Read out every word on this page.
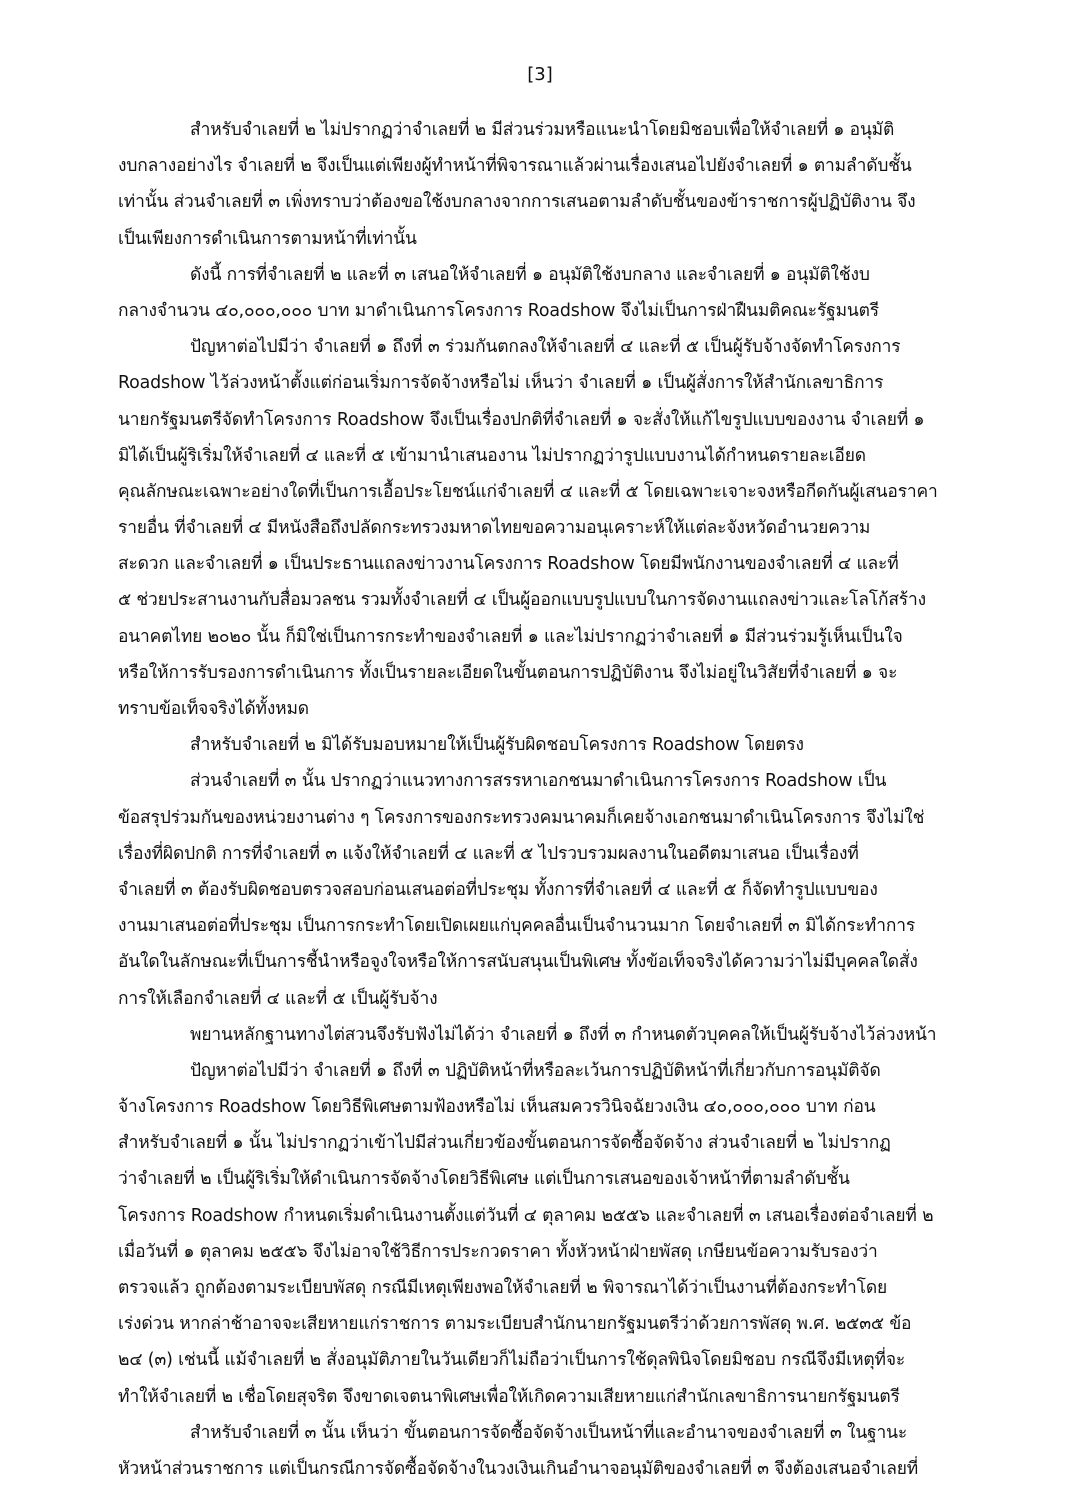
[3]
สำหรับจำเลยที่ ๒ ไม่ปรากฏว่าจำเลยที่ ๒ มีส่วนร่วมหรือแนะนำโดยมิชอบเพื่อให้จำเลยที่ ๑ อนุมัติ
งบกลางอย่างไร จำเลยที่ ๒ จึงเป็นแต่เพียงผู้ทำหน้าที่พิจารณาแล้วผ่านเรื่องเสนอไปยังจำเลยที่ ๑ ตามลำดับชั้น
เท่านั้น ส่วนจำเลยที่ ๓ เพิ่งทราบว่าต้องขอใช้งบกลางจากการเสนอตามลำดับชั้นของข้าราชการผู้ปฏิบัติงาน จึง
เป็นเพียงการดำเนินการตามหน้าที่เท่านั้น
ดังนี้ การที่จำเลยที่ ๒ และที่ ๓ เสนอให้จำเลยที่ ๑ อนุมัติใช้งบกลาง และจำเลยที่ ๑ อนุมัติใช้งบ
กลางจำนวน ๔๐,๐๐๐,๐๐๐ บาท มาดำเนินการโครงการ Roadshow จึงไม่เป็นการฝ่าฝืนมติคณะรัฐมนตรี
ปัญหาต่อไปมีว่า จำเลยที่ ๑ ถึงที่ ๓ ร่วมกันตกลงให้จำเลยที่ ๔ และที่ ๕ เป็นผู้รับจ้างจัดทำโครงการ
Roadshow ไว้ล่วงหน้าตั้งแต่ก่อนเริ่มการจัดจ้างหรือไม่ เห็นว่า จำเลยที่ ๑ เป็นผู้สั่งการให้สำนักเลขาธิการ
นายกรัฐมนตรีจัดทำโครงการ Roadshow จึงเป็นเรื่องปกติที่จำเลยที่ ๑ จะสั่งให้แก้ไขรูปแบบของงาน จำเลยที่ ๑
มิได้เป็นผู้ริเริ่มให้จำเลยที่ ๔ และที่ ๕ เข้ามานำเสนองาน ไม่ปรากฏว่ารูปแบบงานได้กำหนดรายละเอียด
คุณลักษณะเฉพาะอย่างใดที่เป็นการเอื้อประโยชน์แก่จำเลยที่ ๔ และที่ ๕ โดยเฉพาะเจาะจงหรือกีดกันผู้เสนอราคา
รายอื่น ที่จำเลยที่ ๔ มีหนังสือถึงปลัดกระทรวงมหาดไทยขอความอนุเคราะห์ให้แต่ละจังหวัดอำนวยความ
สะดวก และจำเลยที่ ๑ เป็นประธานแถลงข่าวงานโครงการ Roadshow โดยมีพนักงานของจำเลยที่ ๔ และที่
๕ ช่วยประสานงานกับสื่อมวลชน รวมทั้งจำเลยที่ ๔ เป็นผู้ออกแบบรูปแบบในการจัดงานแถลงข่าวและโลโก้สร้าง
อนาคตไทย ๒๐๒๐ นั้น ก็มิใช่เป็นการกระทำของจำเลยที่ ๑ และไม่ปรากฏว่าจำเลยที่ ๑ มีส่วนร่วมรู้เห็นเป็นใจ
หรือให้การรับรองการดำเนินการ ทั้งเป็นรายละเอียดในขั้นตอนการปฏิบัติงาน จึงไม่อยู่ในวิสัยที่จำเลยที่ ๑ จะ
ทราบข้อเท็จจริงได้ทั้งหมด
สำหรับจำเลยที่ ๒ มิได้รับมอบหมายให้เป็นผู้รับผิดชอบโครงการ Roadshow โดยตรง
ส่วนจำเลยที่ ๓ นั้น ปรากฏว่าแนวทางการสรรหาเอกชนมาดำเนินการโครงการ Roadshow เป็น
ข้อสรุปร่วมกันของหน่วยงานต่าง ๆ โครงการของกระทรวงคมนาคมก็เคยจ้างเอกชนมาดำเนินโครงการ จึงไม่ใช่
เรื่องที่ผิดปกติ การที่จำเลยที่ ๓ แจ้งให้จำเลยที่ ๔ และที่ ๕ ไปรวบรวมผลงานในอดีตมาเสนอ เป็นเรื่องที่
จำเลยที่ ๓ ต้องรับผิดชอบตรวจสอบก่อนเสนอต่อที่ประชุม ทั้งการที่จำเลยที่ ๔ และที่ ๕ ก็จัดทำรูปแบบของ
งานมาเสนอต่อที่ประชุม เป็นการกระทำโดยเปิดเผยแก่บุคคลอื่นเป็นจำนวนมาก โดยจำเลยที่ ๓ มิได้กระทำการ
อันใดในลักษณะที่เป็นการชี้นำหรือจูงใจหรือให้การสนับสนุนเป็นพิเศษ ทั้งข้อเท็จจริงได้ความว่าไม่มีบุคคลใดสั่ง
การให้เลือกจำเลยที่ ๔ และที่ ๕ เป็นผู้รับจ้าง
พยานหลักฐานทางไต่สวนจึงรับฟังไม่ได้ว่า จำเลยที่ ๑ ถึงที่ ๓ กำหนดตัวบุคคลให้เป็นผู้รับจ้างไว้ล่วงหน้า
ปัญหาต่อไปมีว่า จำเลยที่ ๑ ถึงที่ ๓ ปฏิบัติหน้าที่หรือละเว้นการปฏิบัติหน้าที่เกี่ยวกับการอนุมัติจัด
จ้างโครงการ Roadshow โดยวิธีพิเศษตามฟ้องหรือไม่ เห็นสมควรวินิจฉัยวงเงิน ๔๐,๐๐๐,๐๐๐ บาท ก่อน
สำหรับจำเลยที่ ๑ นั้น ไม่ปรากฏว่าเข้าไปมีส่วนเกี่ยวข้องขั้นตอนการจัดซื้อจัดจ้าง ส่วนจำเลยที่ ๒ ไม่ปรากฏ
ว่าจำเลยที่ ๒ เป็นผู้ริเริ่มให้ดำเนินการจัดจ้างโดยวิธีพิเศษ แต่เป็นการเสนอของเจ้าหน้าที่ตามลำดับชั้น
โครงการ Roadshow กำหนดเริ่มดำเนินงานตั้งแต่วันที่ ๔ ตุลาคม ๒๕๕๖ และจำเลยที่ ๓ เสนอเรื่องต่อจำเลยที่ ๒
เมื่อวันที่ ๑ ตุลาคม ๒๕๕๖ จึงไม่อาจใช้วิธีการประกวดราคา ทั้งหัวหน้าฝ่ายพัสดุ เกษียนข้อความรับรองว่า
ตรวจแล้ว ถูกต้องตามระเบียบพัสดุ กรณีมีเหตุเพียงพอให้จำเลยที่ ๒ พิจารณาได้ว่าเป็นงานที่ต้องกระทำโดย
เร่งด่วน หากล่าช้าอาจจะเสียหายแก่ราชการ ตามระเบียบสำนักนายกรัฐมนตรีว่าด้วยการพัสดุ พ.ศ. ๒๕๓๕ ข้อ
๒๔ (๓) เช่นนี้ แม้จำเลยที่ ๒ สั่งอนุมัติภายในวันเดียวก็ไม่ถือว่าเป็นการใช้ดุลพินิจโดยมิชอบ กรณีจึงมีเหตุที่จะ
ทำให้จำเลยที่ ๒ เชื่อโดยสุจริต จึงขาดเจตนาพิเศษเพื่อให้เกิดความเสียหายแก่สำนักเลขาธิการนายกรัฐมนตรี
สำหรับจำเลยที่ ๓ นั้น เห็นว่า ขั้นตอนการจัดซื้อจัดจ้างเป็นหน้าที่และอำนาจของจำเลยที่ ๓ ในฐานะ
หัวหน้าส่วนราชการ แต่เป็นกรณีการจัดซื้อจัดจ้างในวงเงินเกินอำนาจอนุมัติของจำเลยที่ ๓ จึงต้องเสนอจำเลยที่
